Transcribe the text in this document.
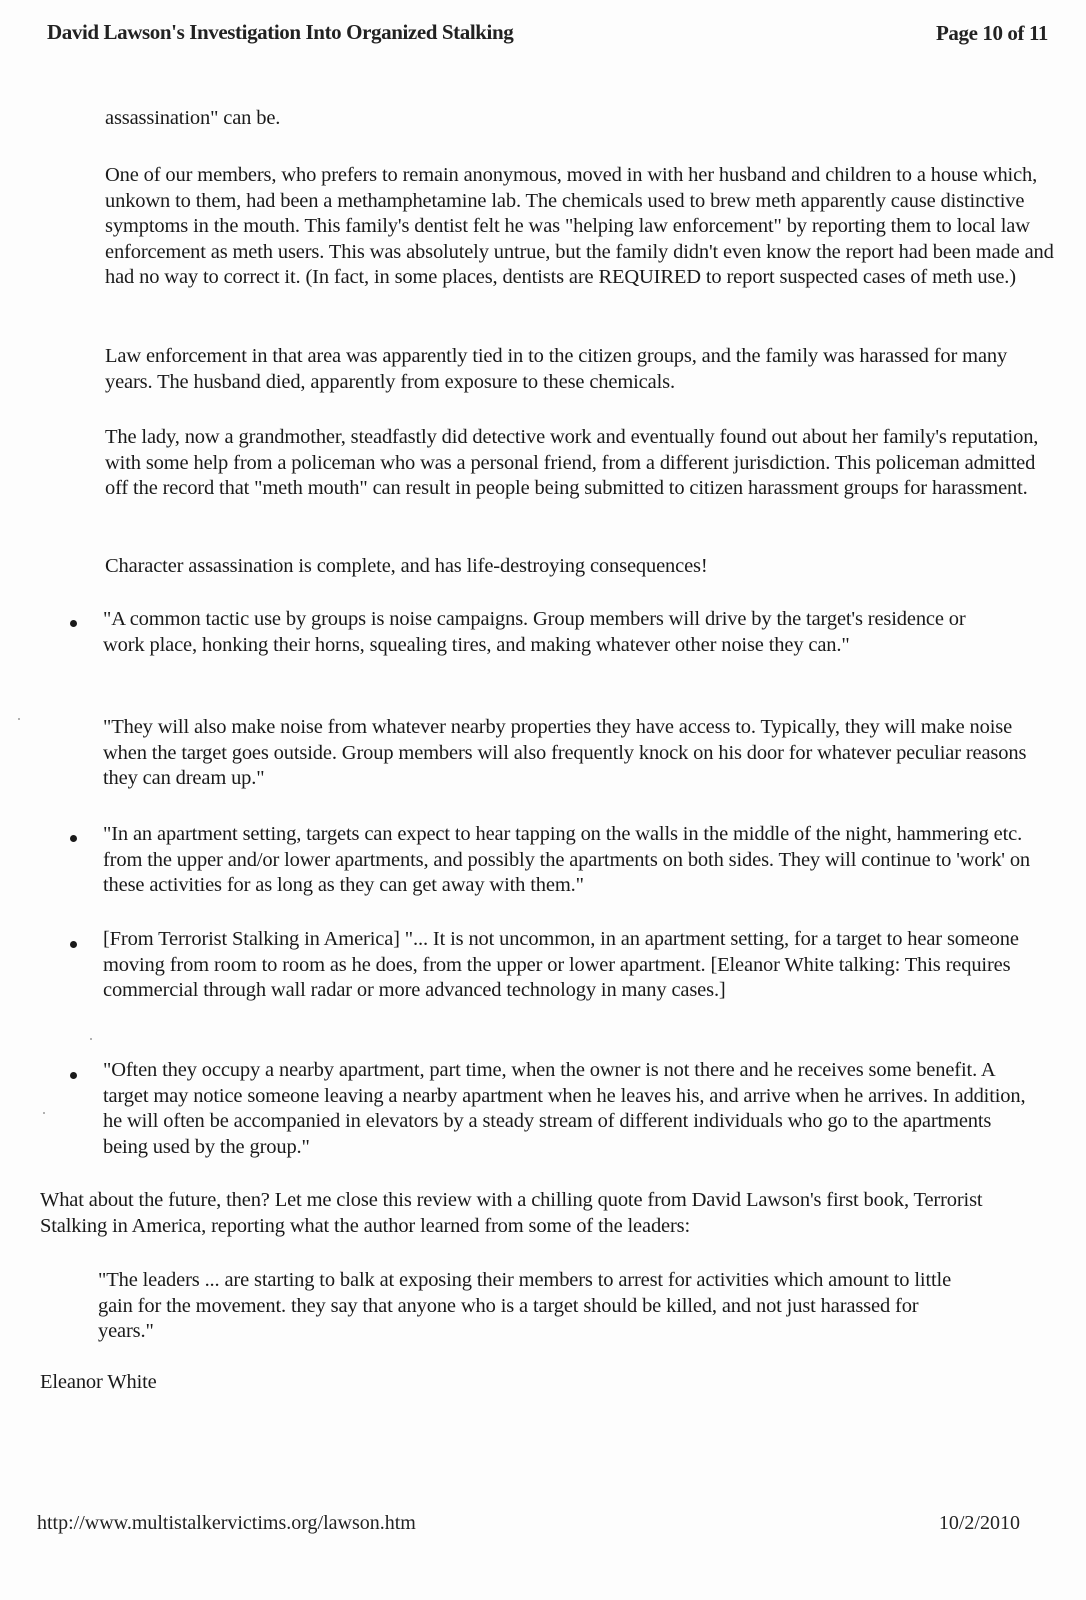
David Lawson's Investigation Into Organized Stalking	Page 10 of 11
assassination" can be.
One of our members, who prefers to remain anonymous, moved in with her husband and children to a house which, unkown to them, had been a methamphetamine lab. The chemicals used to brew meth apparently cause distinctive symptoms in the mouth. This family's dentist felt he was "helping law enforcement" by reporting them to local law enforcement as meth users. This was absolutely untrue, but the family didn't even know the report had been made and had no way to correct it. (In fact, in some places, dentists are REQUIRED to report suspected cases of meth use.)
Law enforcement in that area was apparently tied in to the citizen groups, and the family was harassed for many years. The husband died, apparently from exposure to these chemicals.
The lady, now a grandmother, steadfastly did detective work and eventually found out about her family's reputation, with some help from a policeman who was a personal friend, from a different jurisdiction. This policeman admitted off the record that "meth mouth" can result in people being submitted to citizen harassment groups for harassment.
Character assassination is complete, and has life-destroying consequences!
"A common tactic use by groups is noise campaigns. Group members will drive by the target's residence or work place, honking their horns, squealing tires, and making whatever other noise they can."
"They will also make noise from whatever nearby properties they have access to. Typically, they will make noise when the target goes outside. Group members will also frequently knock on his door for whatever peculiar reasons they can dream up."
"In an apartment setting, targets can expect to hear tapping on the walls in the middle of the night, hammering etc. from the upper and/or lower apartments, and possibly the apartments on both sides. They will continue to 'work' on these activities for as long as they can get away with them."
[From Terrorist Stalking in America] "... It is not uncommon, in an apartment setting, for a target to hear someone moving from room to room as he does, from the upper or lower apartment. [Eleanor White talking: This requires commercial through wall radar or more advanced technology in many cases.]
"Often they occupy a nearby apartment, part time, when the owner is not there and he receives some benefit. A target may notice someone leaving a nearby apartment when he leaves his, and arrive when he arrives. In addition, he will often be accompanied in elevators by a steady stream of different individuals who go to the apartments being used by the group."
What about the future, then? Let me close this review with a chilling quote from David Lawson's first book, Terrorist Stalking in America, reporting what the author learned from some of the leaders:
"The leaders ... are starting to balk at exposing their members to arrest for activities which amount to little gain for the movement. they say that anyone who is a target should be killed, and not just harassed for years."
Eleanor White
http://www.multistalkervictims.org/lawson.htm	10/2/2010
